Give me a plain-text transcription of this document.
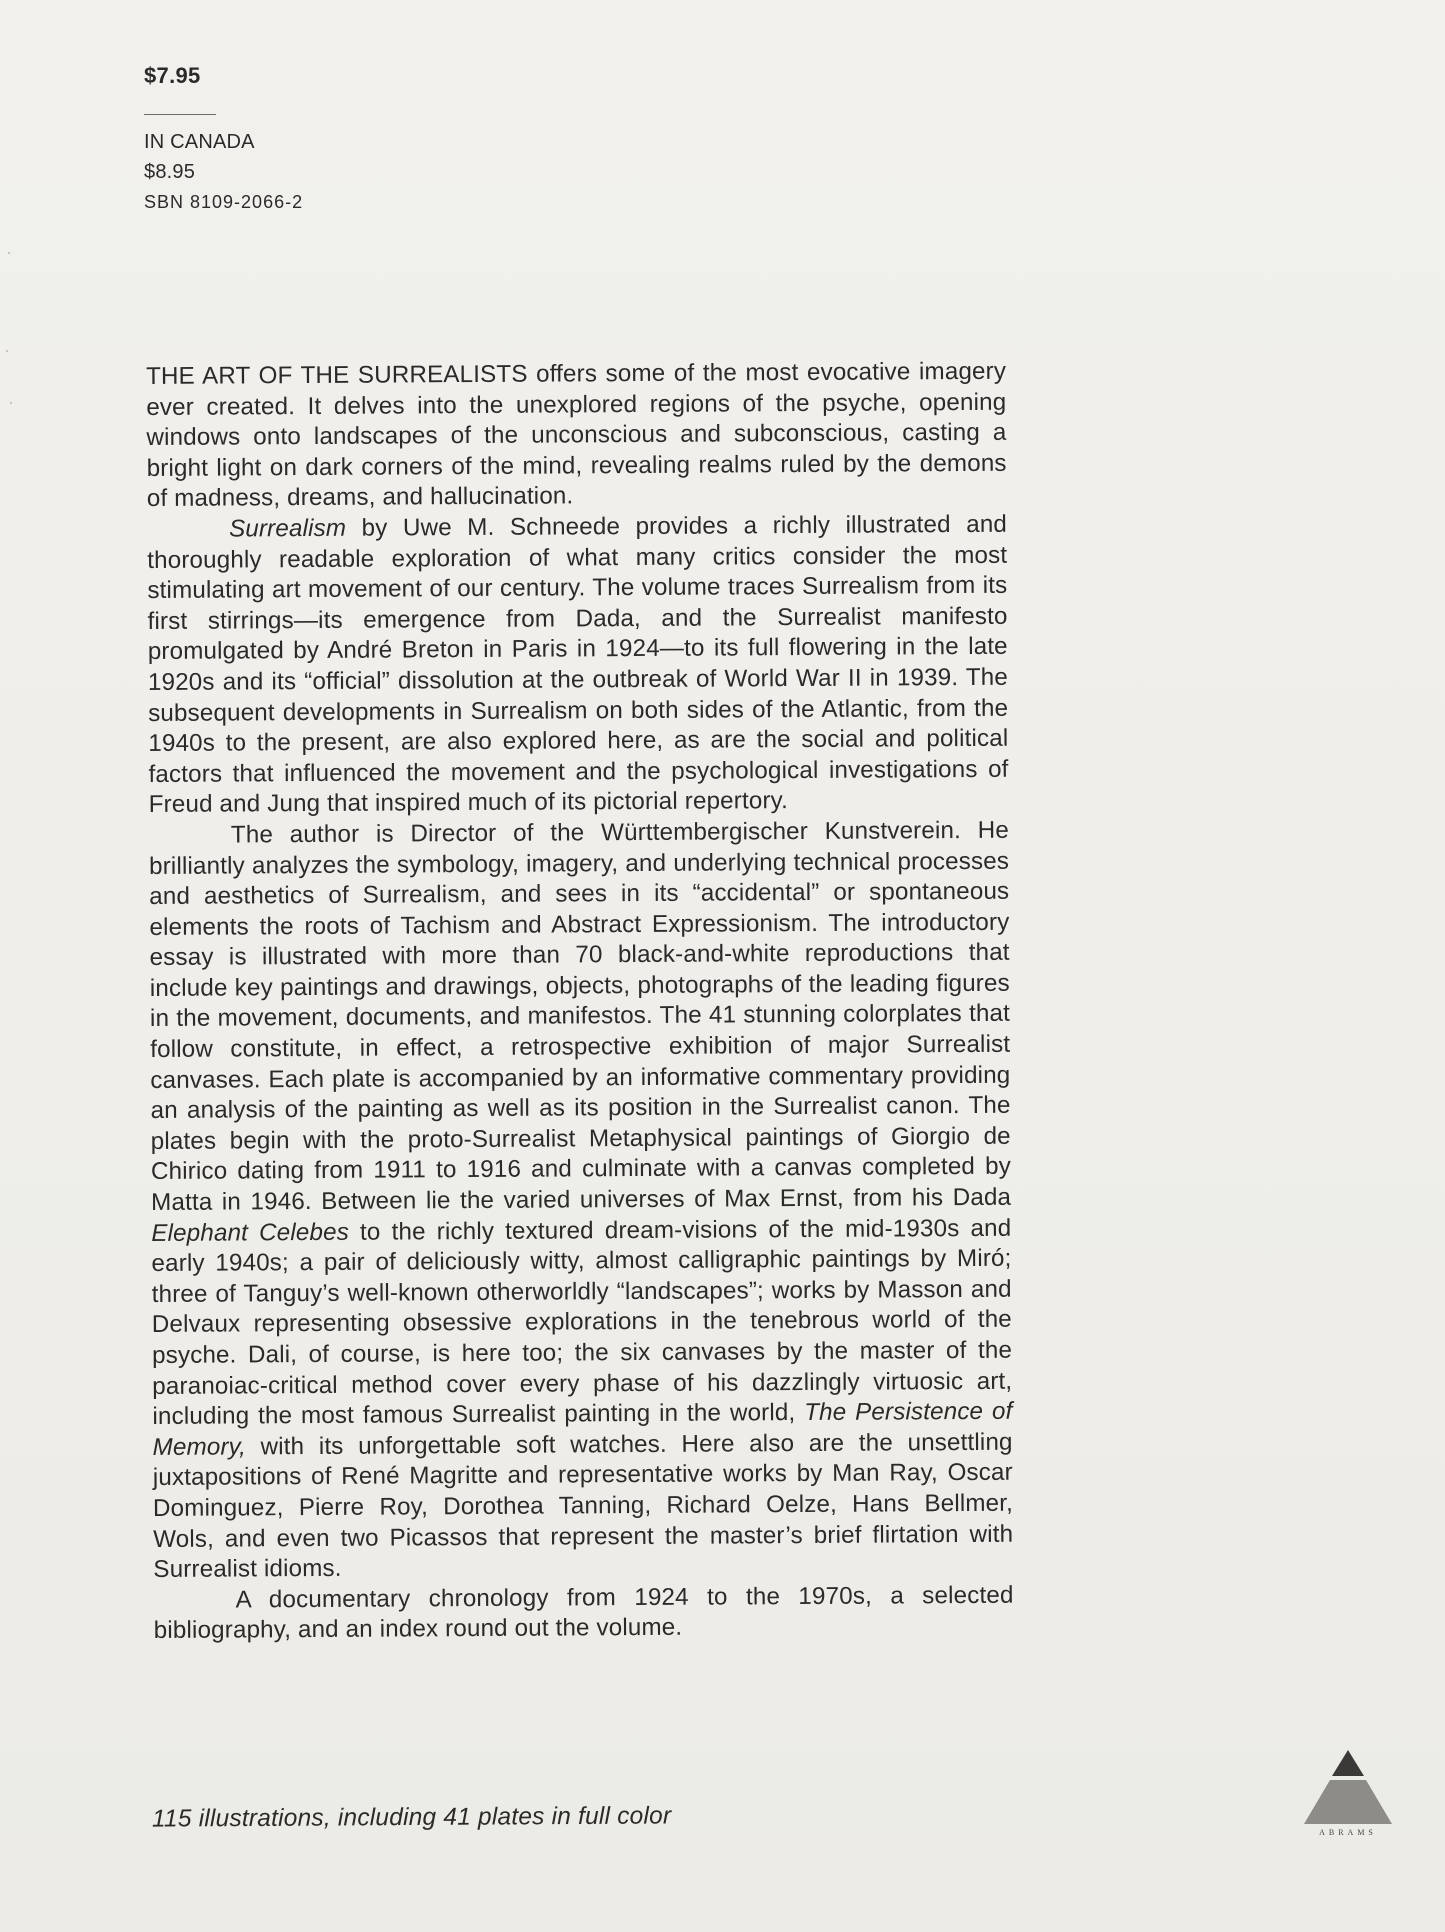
$7.95

IN CANADA

$8.95

SBN 8109-2066-2

THE ART OF THE SURREALISTS offers some of the most evocative imagery ever created. It delves into the unexplored regions of the psyche, opening windows onto landscapes of the unconscious and subconscious, casting a bright light on dark corners of the mind, revealing realms ruled by the demons of madness, dreams, and hallucination.

Surrealism by Uwe M. Schneede provides a richly illustrated and thoroughly readable exploration of what many critics consider the most stimulating art movement of our century. The volume traces Surrealism from its first stirrings—its emergence from Dada, and the Surrealist manifesto promulgated by André Breton in Paris in 1924—to its full flowering in the late 1920s and its “official” dissolution at the outbreak of World War II in 1939. The subsequent developments in Surrealism on both sides of the Atlantic, from the 1940s to the present, are also explored here, as are the social and political factors that influenced the movement and the psychological investigations of Freud and Jung that inspired much of its pictorial repertory.

The author is Director of the Württembergischer Kunstverein. He brilliantly analyzes the symbology, imagery, and underlying technical processes and aesthetics of Surrealism, and sees in its “accidental” or spontaneous elements the roots of Tachism and Abstract Expressionism. The introductory essay is illustrated with more than 70 black-and-white reproductions that include key paintings and drawings, objects, photographs of the leading figures in the movement, documents, and manifestos. The 41 stunning colorplates that follow constitute, in effect, a retrospective exhibition of major Surrealist canvases. Each plate is accompanied by an informative commentary providing an analysis of the painting as well as its position in the Surrealist canon. The plates begin with the proto-Surrealist Metaphysical paintings of Giorgio de Chirico dating from 1911 to 1916 and culminate with a canvas completed by Matta in 1946. Between lie the varied universes of Max Ernst, from his Dada Elephant Celebes to the richly textured dream-visions of the mid-1930s and early 1940s; a pair of deliciously witty, almost calligraphic paintings by Miró; three of Tanguy’s well-known otherworldly “landscapes”; works by Masson and Delvaux representing obsessive explorations in the tenebrous world of the psyche. Dali, of course, is here too; the six canvases by the master of the paranoiac-critical method cover every phase of his dazzlingly virtuosic art, including the most famous Surrealist painting in the world, The Persistence of Memory, with its unforgettable soft watches. Here also are the unsettling juxtapositions of René Magritte and representative works by Man Ray, Oscar Dominguez, Pierre Roy, Dorothea Tanning, Richard Oelze, Hans Bellmer, Wols, and even two Picassos that represent the master’s brief flirtation with Surrealist idioms.

A documentary chronology from 1924 to the 1970s, a selected bibliography, and an index round out the volume.

115 illustrations, including 41 plates in full color	ABRAMS
